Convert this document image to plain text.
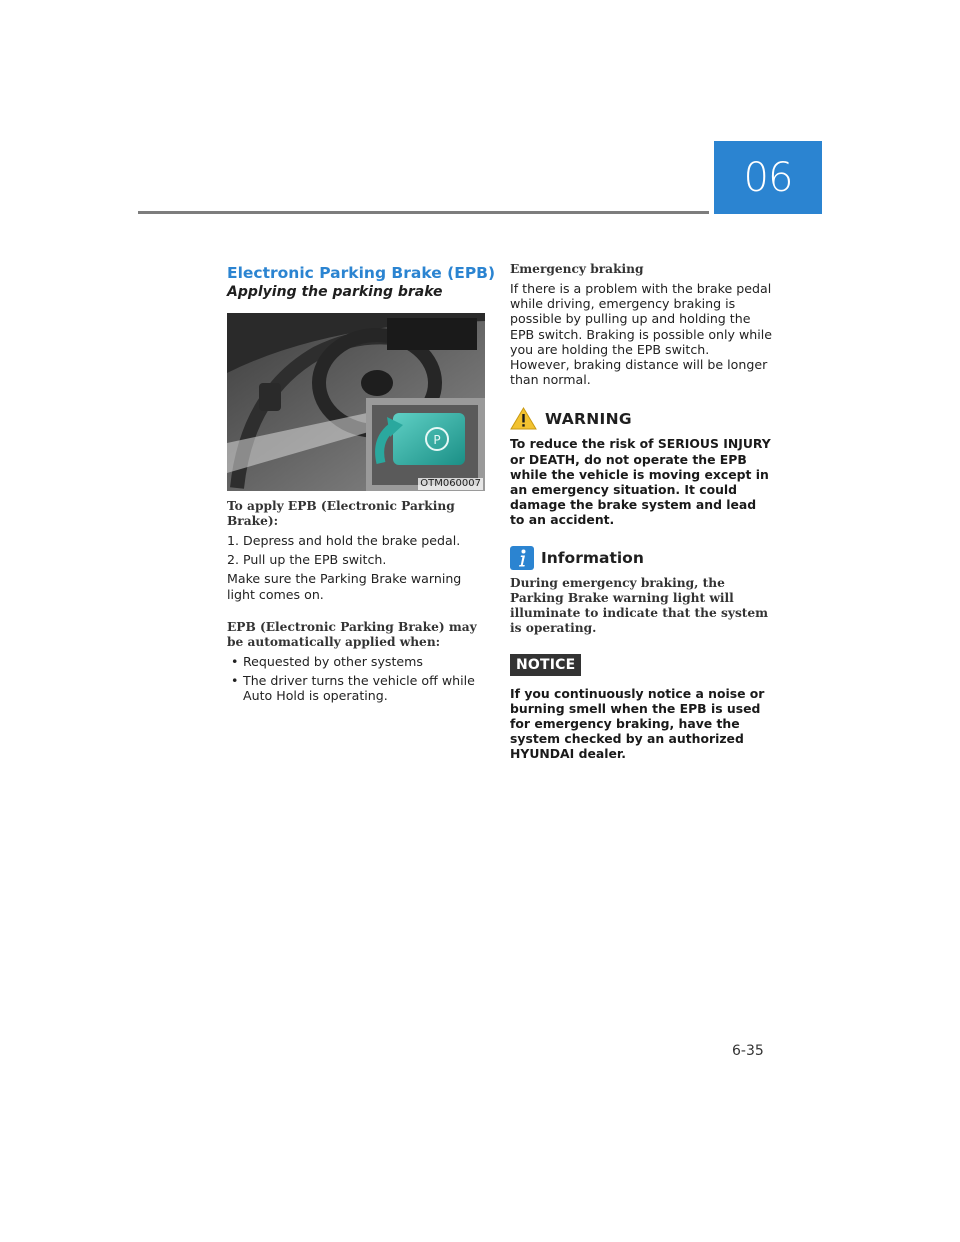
06
Electronic Parking Brake (EPB)
Applying the parking brake
P
OTM060007

To apply EPB (Electronic Parking Brake):

1. Depress and hold the brake pedal.
2. Pull up the EPB switch.

Make sure the Parking Brake warning light comes on.

EPB (Electronic Parking Brake) may be automatically applied when:

• Requested by other systems
• The driver turns the vehicle off while Auto Hold is operating.

Emergency braking

If there is a problem with the brake pedal while driving, emergency braking is possible by pulling up and holding the EPB switch. Braking is possible only while you are holding the EPB switch. However, braking distance will be longer than normal.

WARNING

To reduce the risk of SERIOUS INJURY or DEATH, do not operate the EPB while the vehicle is moving except in an emergency situation. It could damage the brake system and lead to an accident.

Information

During emergency braking, the Parking Brake warning light will illuminate to indicate that the system is operating.

NOTICE

If you continuously notice a noise or burning smell when the EPB is used for emergency braking, have the system checked by an authorized HYUNDAI dealer.

6-35
